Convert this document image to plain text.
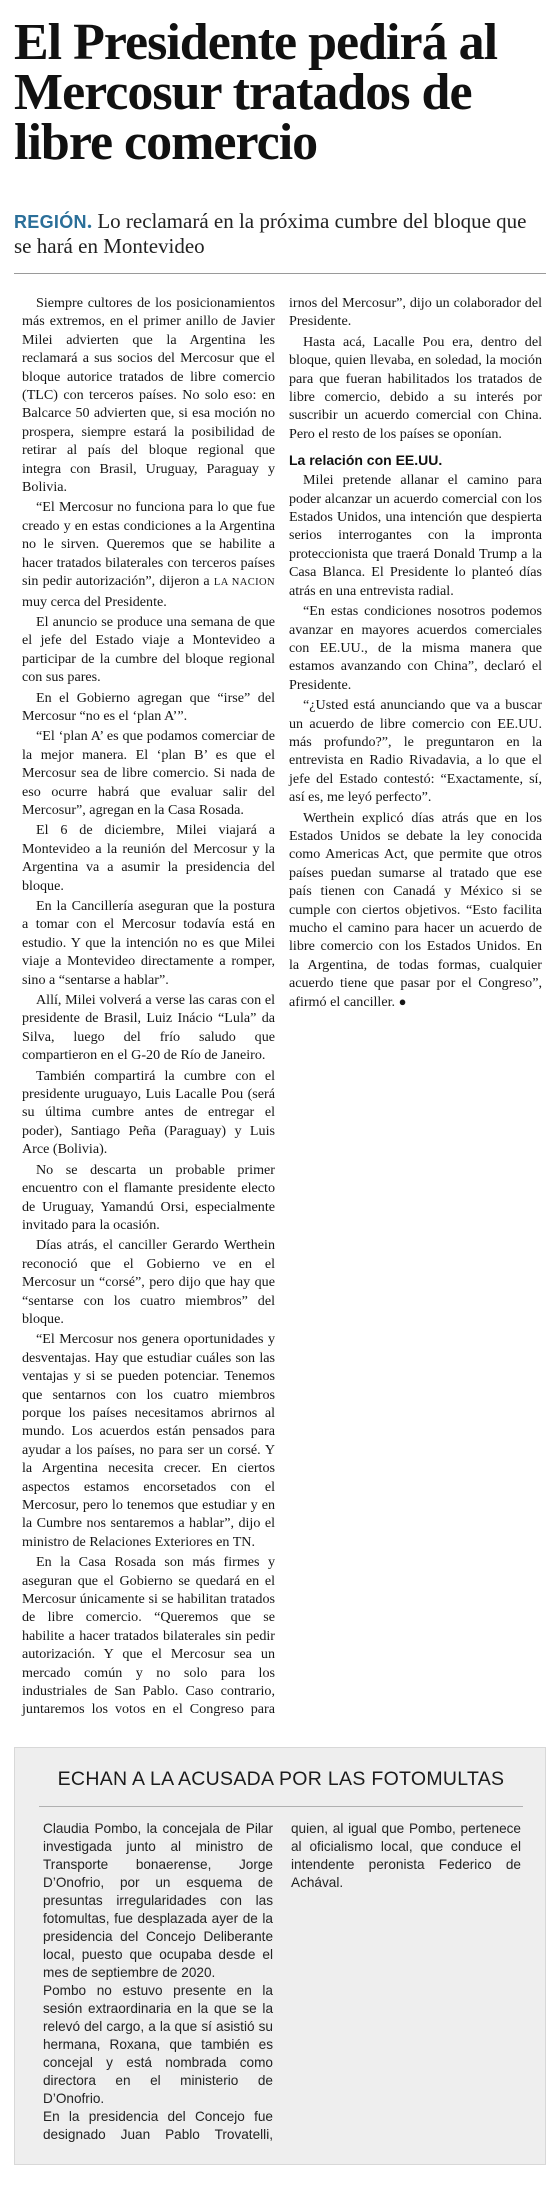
El Presidente pedirá al Mercosur tratados de libre comercio
REGIÓN. Lo reclamará en la próxima cumbre del bloque que se hará en Montevideo

Siempre cultores de los posicionamientos más extremos, en el primer anillo de Javier Milei advierten que la Argentina les reclamará a sus socios del Mercosur que el bloque autorice tratados de libre comercio (TLC) con terceros países. No solo eso: en Balcarce 50 advierten que, si esa moción no prospera, siempre estará la posibilidad de retirar al país del bloque regional que integra con Brasil, Uruguay, Paraguay y Bolivia.

“El Mercosur no funciona para lo que fue creado y en estas condiciones a la Argentina no le sirven. Queremos que se habilite a hacer tratados bilaterales con terceros países sin pedir autorización”, dijeron a LA NACION muy cerca del Presidente.

El anuncio se produce una semana de que el jefe del Estado viaje a Montevideo a participar de la cumbre del bloque regional con sus pares.

En el Gobierno agregan que “irse” del Mercosur “no es el ‘plan A’”.

“El ‘plan A’ es que podamos comerciar de la mejor manera. El ‘plan B’ es que el Mercosur sea de libre comercio. Si nada de eso ocurre habrá que evaluar salir del Mercosur”, agregan en la Casa Rosada.

El 6 de diciembre, Milei viajará a Montevideo a la reunión del Mercosur y la Argentina va a asumir la presidencia del bloque.

En la Cancillería aseguran que la postura a tomar con el Mercosur todavía está en estudio. Y que la intención no es que Milei viaje a Montevideo directamente a romper, sino a “sentarse a hablar”.

Allí, Milei volverá a verse las caras con el presidente de Brasil, Luiz Inácio “Lula” da Silva, luego del frío saludo que compartieron en el G-20 de Río de Janeiro.

También compartirá la cumbre con el presidente uruguayo, Luis Lacalle Pou (será su última cumbre antes de entregar el poder), Santiago Peña (Paraguay) y Luis Arce (Bolivia).

No se descarta un probable primer encuentro con el flamante presidente electo de Uruguay, Yamandú Orsi, especialmente invitado para la ocasión.

Días atrás, el canciller Gerardo Werthein reconoció que el Gobierno ve en el Mercosur un “corsé”, pero dijo que hay que “sentarse con los cuatro miembros” del bloque.

“El Mercosur nos genera oportunidades y desventajas. Hay que estudiar cuáles son las ventajas y si se pueden potenciar. Tenemos que sentarnos con los cuatro miembros porque los países necesitamos abrirnos al mundo. Los acuerdos están pensados para ayudar a los países, no para ser un corsé. Y la Argentina necesita crecer. En ciertos aspectos estamos encorsetados con el Mercosur, pero lo tenemos que estudiar y en la Cumbre nos sentaremos a hablar”, dijo el ministro de Relaciones Exteriores en TN.

En la Casa Rosada son más firmes y aseguran que el Gobierno se quedará en el Mercosur únicamente si se habilitan tratados de libre comercio. “Queremos que se habilite a hacer tratados bilaterales sin pedir autorización. Y que el Mercosur sea un mercado común y no solo para los industriales de San Pablo. Caso contrario, juntaremos los votos en el Congreso para irnos del Mercosur”, dijo un colaborador del Presidente.

Hasta acá, Lacalle Pou era, dentro del bloque, quien llevaba, en soledad, la moción para que fueran habilitados los tratados de libre comercio, debido a su interés por suscribir un acuerdo comercial con China. Pero el resto de los países se oponían.

La relación con EE.UU.

Milei pretende allanar el camino para poder alcanzar un acuerdo comercial con los Estados Unidos, una intención que despierta serios interrogantes con la impronta proteccionista que traerá Donald Trump a la Casa Blanca. El Presidente lo planteó días atrás en una entrevista radial.

“En estas condiciones nosotros podemos avanzar en mayores acuerdos comerciales con EE.UU., de la misma manera que estamos avanzando con China”, declaró el Presidente.

“¿Usted está anunciando que va a buscar un acuerdo de libre comercio con EE.UU. más profundo?”, le preguntaron en la entrevista en Radio Rivadavia, a lo que el jefe del Estado contestó: “Exactamente, sí, así es, me leyó perfecto”.

Werthein explicó días atrás que en los Estados Unidos se debate la ley conocida como Americas Act, que permite que otros países puedan sumarse al tratado que ese país tienen con Canadá y México si se cumple con ciertos objetivos. “Esto facilita mucho el camino para hacer un acuerdo de libre comercio con los Estados Unidos. En la Argentina, de todas formas, cualquier acuerdo tiene que pasar por el Congreso”, afirmó el canciller. ●

ECHAN A LA ACUSADA POR LAS FOTOMULTAS

Claudia Pombo, la concejala de Pilar investigada junto al ministro de Transporte bonaerense, Jorge D’Onofrio, por un esquema de presuntas irregularidades con las fotomultas, fue desplazada ayer de la presidencia del Concejo Deliberante local, puesto que ocupaba desde el mes de septiembre de 2020.

Pombo no estuvo presente en la sesión extraordinaria en la que se la relevó del cargo, a la que sí asistió su hermana, Roxana, que también es concejal y está nombrada como directora en el ministerio de D’Onofrio.

En la presidencia del Concejo fue designado Juan Pablo Trovatelli, quien, al igual que Pombo, pertenece al oficialismo local, que conduce el intendente peronista Federico de Achával.
